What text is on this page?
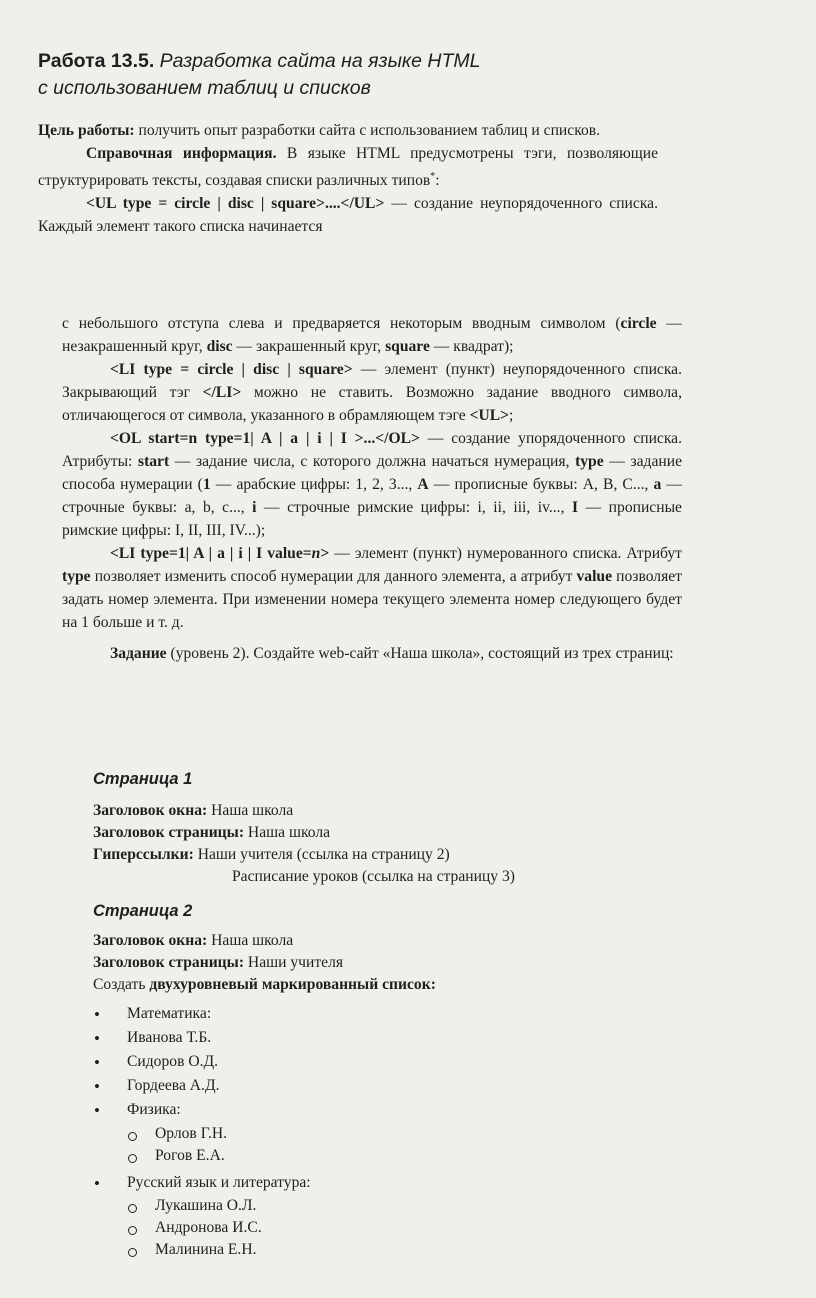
Работа 13.5. Разработка сайта на языке HTML
с использованием таблиц и списков

Цель работы: получить опыт разработки сайта с использованием таблиц и списков.

Справочная информация. В языке HTML предусмотрены тэги, позволяющие структурировать тексты, создавая списки различных типов*:

<UL type = circle | disc | square>....</UL> — создание неупорядоченного списка. Каждый элемент такого списка начинается

с небольшого отступа слева и предваряется некоторым вводным символом (circle — незакрашенный круг, disc — закрашенный круг, square — квадрат);

<LI type = circle | disc | square> — элемент (пункт) неупорядоченного списка. Закрывающий тэг </LI> можно не ставить. Возможно задание вводного символа, отличающегося от символа, указанного в обрамляющем тэге <UL>;

<OL start=n type=1| A | a | i | I >...</OL> — создание упорядоченного списка. Атрибуты: start — задание числа, с которого должна начаться нумерация, type — задание способа нумерации (1 — арабские цифры: 1, 2, 3..., A — прописные буквы: A, B, C..., a — строчные буквы: a, b, c..., i — строчные римские цифры: i, ii, iii, iv..., I — прописные римские цифры: I, II, III, IV...);

<LI type=1| A | a | i | I value=n> — элемент (пункт) нумерованного списка. Атрибут type позволяет изменить способ нумерации для данного элемента, а атрибут value позволяет задать номер элемента. При изменении номера текущего элемента номер следующего будет на 1 больше и т. д.

Задание (уровень 2). Создайте web-сайт «Наша школа», состоящий из трех страниц:

Страница 1
Заголовок окна: Наша школа
Заголовок страницы: Наша школа
Гиперссылки: Наши учителя (ссылка на страницу 2)
Расписание уроков (ссылка на страницу 3)
Страница 2
Заголовок окна: Наша школа
Заголовок страницы: Наши учителя
Создать двухуровневый маркированный список:
• Математика:
• Иванова Т.Б.
• Сидоров О.Д.
• Гордеева А.Д.
• Физика:
Орлов Г.Н.
Рогов Е.А.
• Русский язык и литература:
Лукашина О.Л.
Андронова И.С.
Малинина Е.Н.
